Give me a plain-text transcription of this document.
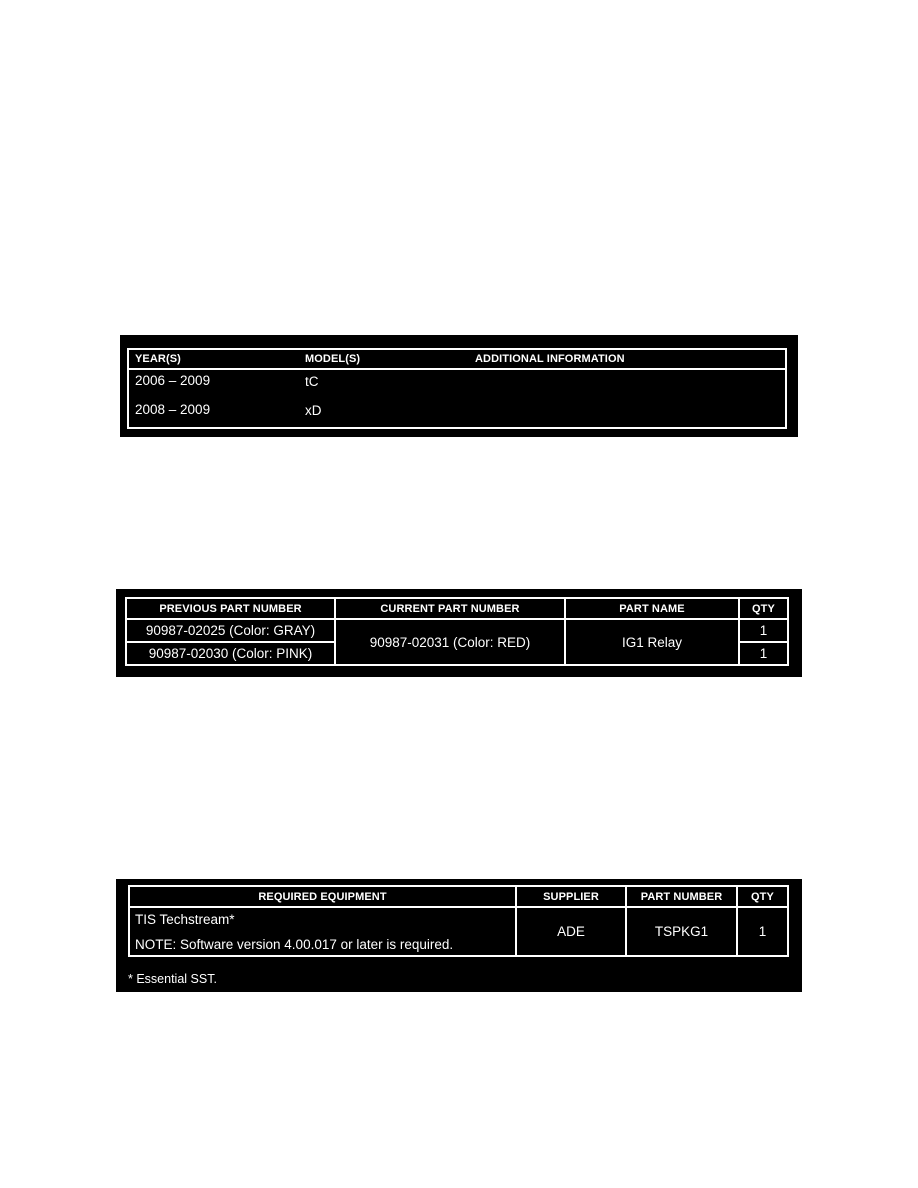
YEAR(S)	MODEL(S)	ADDITIONAL INFORMATION
2006 – 2009	tC
2008 – 2009	xD
PREVIOUS PART NUMBER	CURRENT PART NUMBER	PART NAME	QTY
90987-02025 (Color: GRAY)	90987-02031 (Color: RED)	IG1 Relay	1
90987-02030 (Color: PINK)			1
REQUIRED EQUIPMENT	SUPPLIER	PART NUMBER	QTY

TIS Techstream*
NOTE: Software version 4.00.017 or later is required.	ADE	TSPKG1	1
* Essential SST.
